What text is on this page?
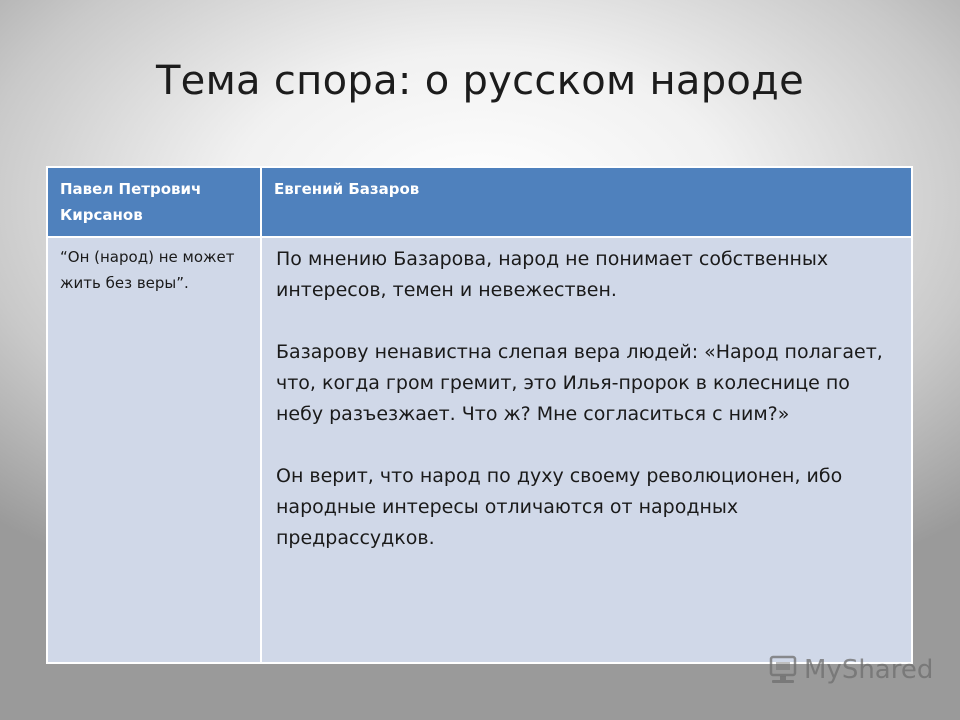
Тема спора: о русском народе
Павел Петрович Кирсанов	Евгений Базаров
“Он (народ) не может жить без веры”.	По мнению Базарова, народ не понимает собственных интересов, темен и невежествен.

Базарову ненавистна слепая вера людей: «Народ полагает, что, когда гром гремит, это Илья-пророк в колеснице по небу разъезжает. Что ж? Мне согласиться с ним?»

Он верит, что народ по духу своему революционен, ибо народные интересы отличаются от народных предрассудков.

MyShared
